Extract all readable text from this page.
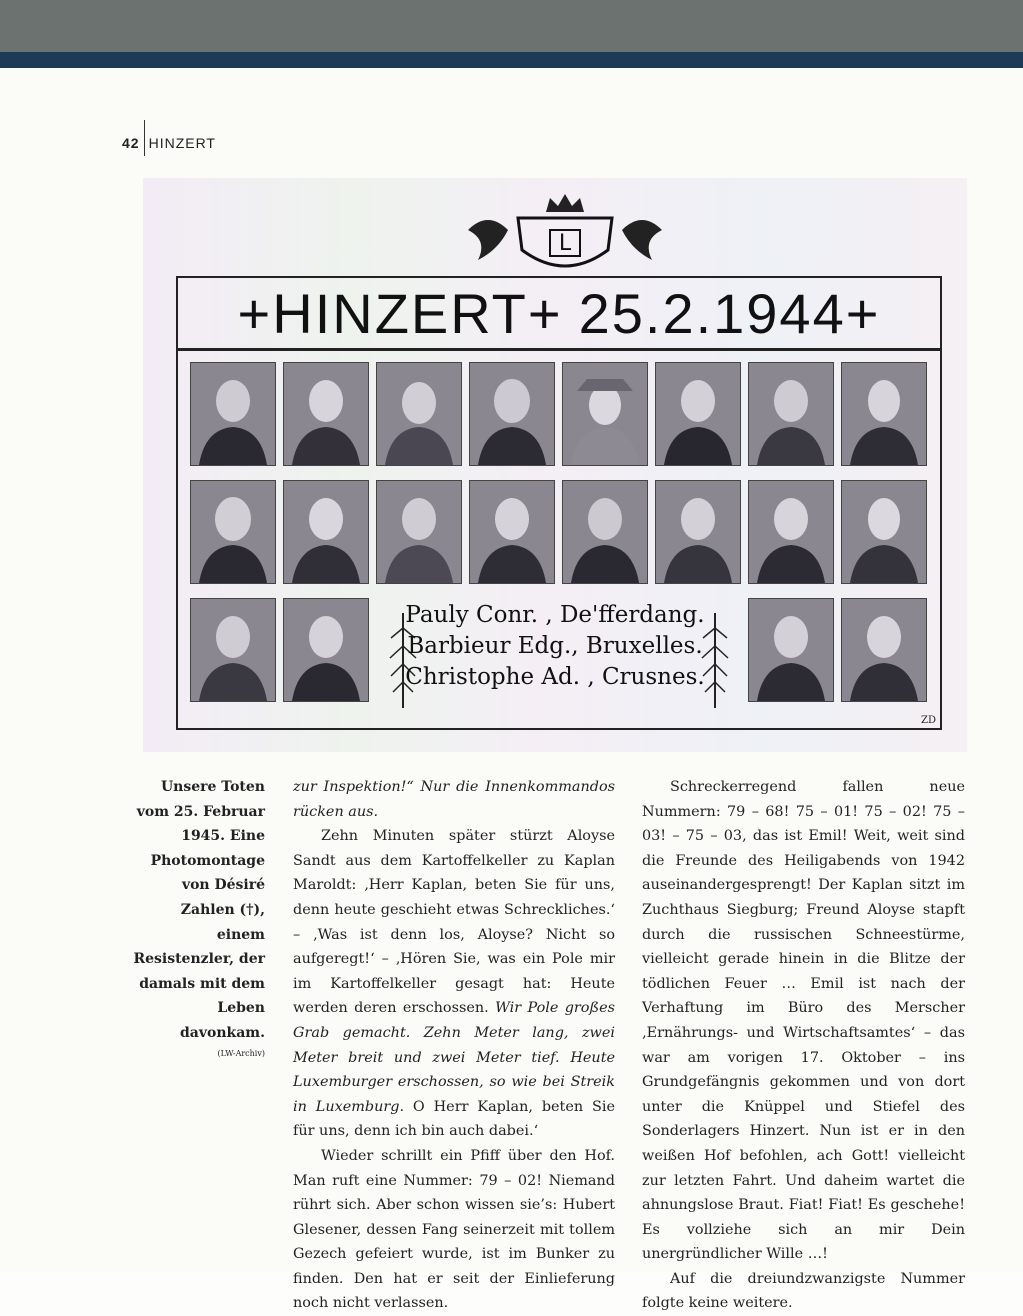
42 HINZERT
L
+HINZERT+ 25.2.1944+
Pauly Conr. , De'fferdang.
Barbieur Edg., Bruxelles.
Christophe Ad. , Crusnes.
ZD
Unsere Toten vom 25. Februar 1945. Eine Photomontage von Désiré Zahlen (†), einem Resistenzler, der damals mit dem Leben davonkam.
(LW-Archiv)

zur Inspektion!“ Nur die Innenkommandos rücken aus.

Zehn Minuten später stürzt Aloyse Sandt aus dem Kartoffelkeller zu Kaplan Maroldt: ‚Herr Kaplan, beten Sie für uns, denn heute geschieht etwas Schreckliches.‘ – ‚Was ist denn los, Aloyse? Nicht so aufgeregt!‘ – ‚Hören Sie, was ein Pole mir im Kartoffelkeller gesagt hat: Heute werden deren erschossen. Wir Pole großes Grab gemacht. Zehn Meter lang, zwei Meter breit und zwei Meter tief. Heute Luxemburger erschossen, so wie bei Streik in Luxemburg. O Herr Kaplan, beten Sie für uns, denn ich bin auch dabei.‘

Wieder schrillt ein Pfiff über den Hof. Man ruft eine Nummer: 79 – 02! Niemand rührt sich. Aber schon wissen sie’s: Hubert Glesener, dessen Fang seinerzeit mit tollem Gezech gefeiert wurde, ist im Bunker zu finden. Den hat er seit der Einlieferung noch nicht verlassen.

Schreckerregend fallen neue Nummern: 79 – 68! 75 – 01! 75 – 02! 75 – 03! – 75 – 03, das ist Emil! Weit, weit sind die Freunde des Heiligabends von 1942 auseinandergesprengt! Der Kaplan sitzt im Zuchthaus Siegburg; Freund Aloyse stapft durch die russischen Schneestürme, vielleicht gerade hinein in die Blitze der tödlichen Feuer … Emil ist nach der Verhaftung im Büro des Merscher ‚Ernährungs- und Wirtschaftsamtes‘ – das war am vorigen 17. Oktober – ins Grundgefängnis gekommen und von dort unter die Knüppel und Stiefel des Sonderlagers Hinzert. Nun ist er in den weißen Hof befohlen, ach Gott! vielleicht zur letzten Fahrt. Und daheim wartet die ahnungslose Braut. Fiat! Fiat! Es geschehe! Es vollziehe sich an mir Dein unergründlicher Wille …!

Auf die dreiundzwanzigste Nummer folgte keine weitere.
